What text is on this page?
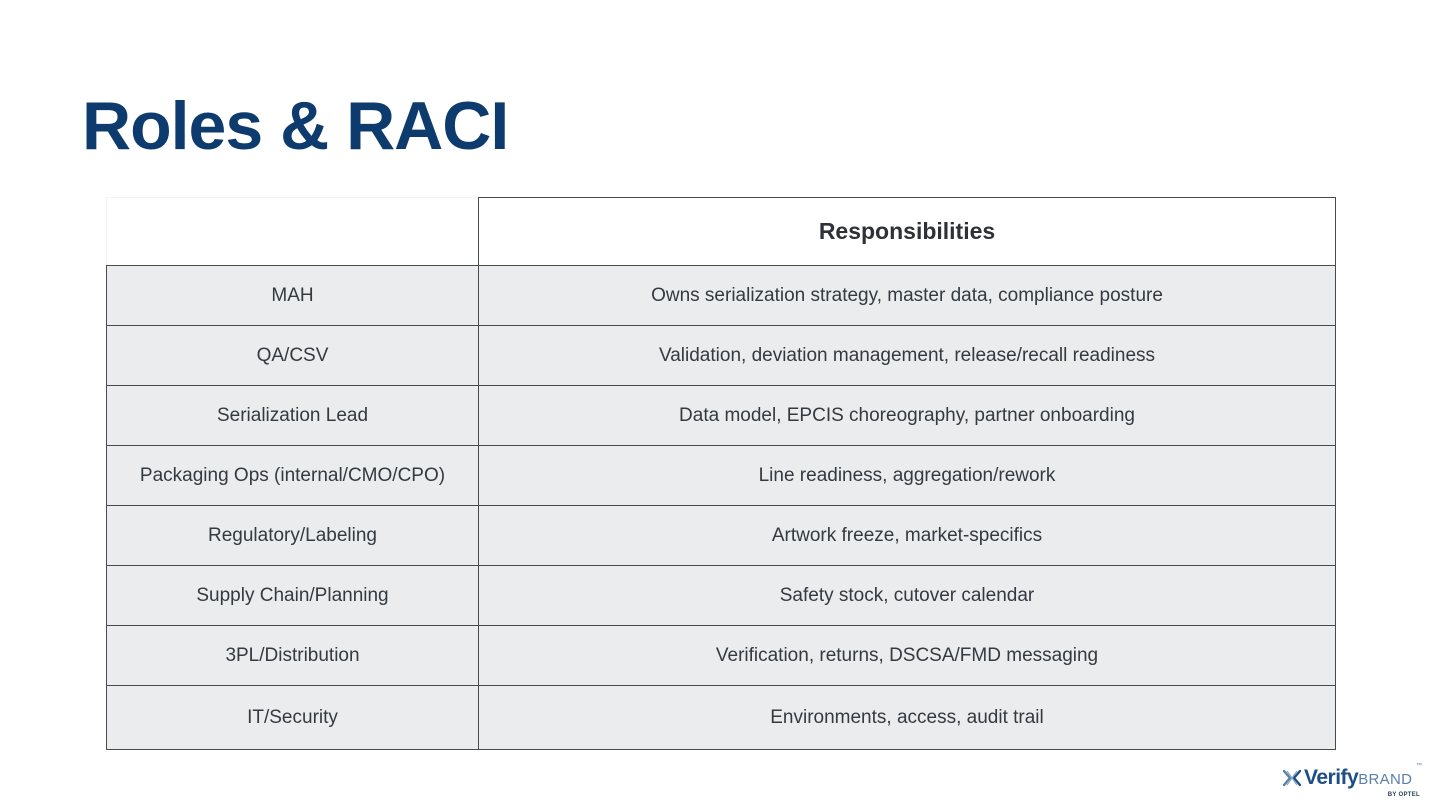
Roles & RACI
	Responsibilities
MAH	Owns serialization strategy, master data, compliance posture
QA/CSV	Validation, deviation management, release/recall readiness
Serialization Lead	Data model, EPCIS choreography, partner onboarding
Packaging Ops (internal/CMO/CPO)	Line readiness, aggregation/rework
Regulatory/Labeling	Artwork freeze, market-specifics
Supply Chain/Planning	Safety stock, cutover calendar
3PL/Distribution	Verification, returns, DSCSA/FMD messaging
IT/Security	Environments, access, audit trail
VerifyBRAND
™
BY OPTEL
